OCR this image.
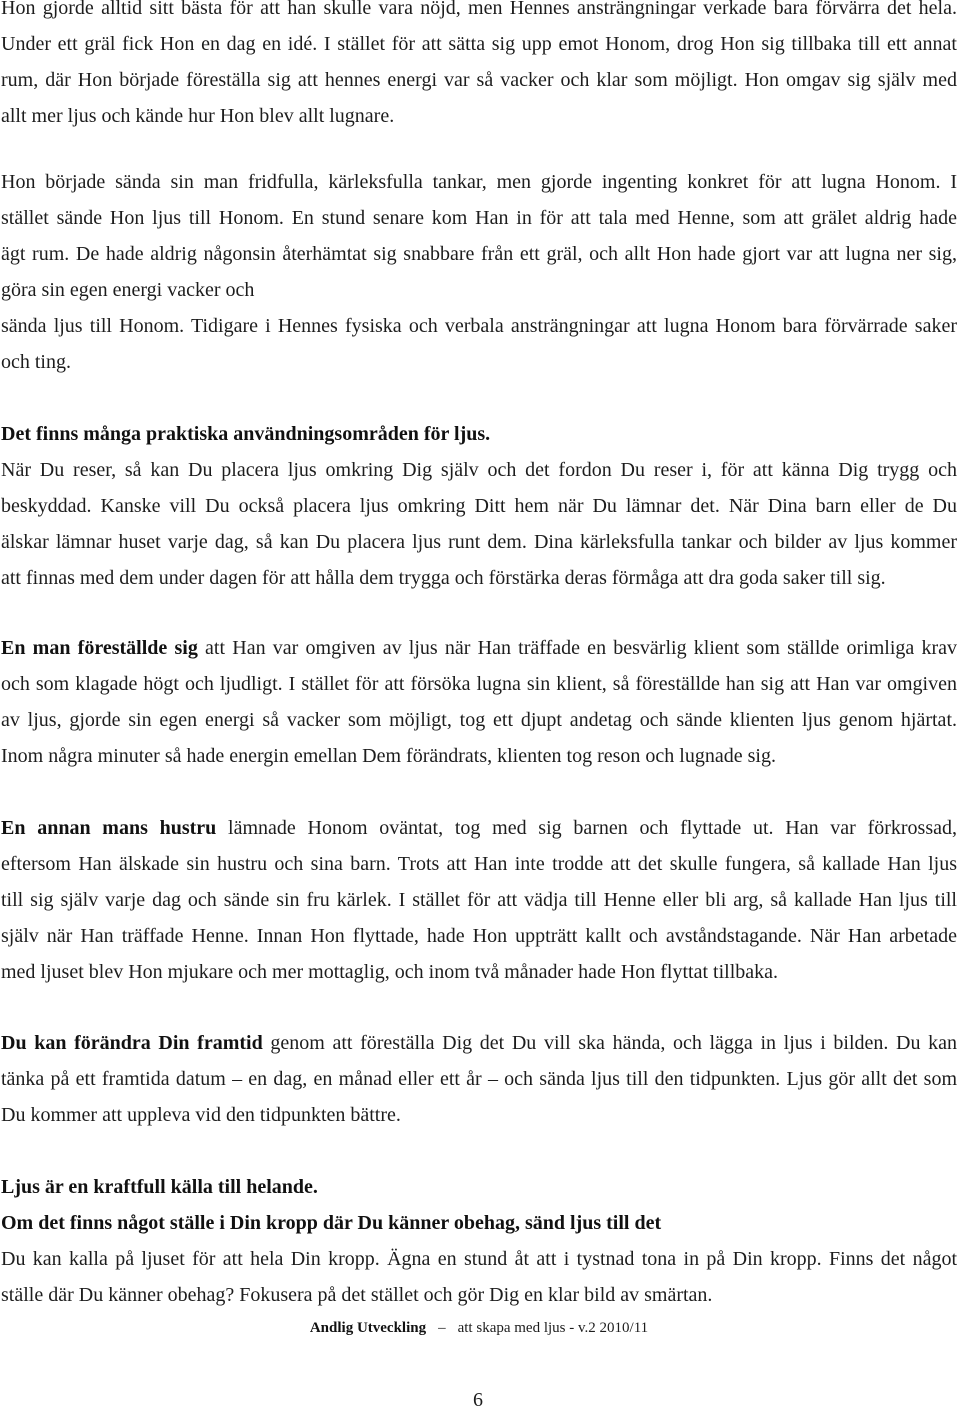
Hon gjorde alltid sitt bästa för att han skulle vara nöjd, men Hennes ansträngningar verkade bara förvärra det hela.
Under ett gräl fick Hon en dag en idé. I stället för att sätta sig upp emot Honom, drog Hon sig tillbaka till ett annat
rum, där Hon började föreställa sig att hennes energi var så vacker och klar som möjligt. Hon omgav sig själv med
allt mer ljus och kände hur Hon blev allt lugnare.
Hon började sända sin man fridfulla, kärleksfulla tankar, men gjorde ingenting konkret för att lugna Honom. I
stället sände Hon ljus till Honom. En stund senare kom Han in för att tala med Henne, som att grälet aldrig hade
ägt rum. De hade aldrig någonsin återhämtat sig snabbare från ett gräl, och allt Hon hade gjort var att lugna ner sig,
göra sin egen energi vacker och
sända ljus till Honom. Tidigare i Hennes fysiska och verbala ansträngningar att lugna Honom bara förvärrade saker
och ting.
Det finns många praktiska användningsområden för ljus.
När Du reser, så kan Du placera ljus omkring Dig själv och det fordon Du reser i, för att känna Dig trygg och
beskyddad. Kanske vill Du också placera ljus omkring Ditt hem när Du lämnar det. När Dina barn eller de Du
älskar lämnar huset varje dag, så kan Du placera ljus runt dem. Dina kärleksfulla tankar och bilder av ljus kommer
att finnas med dem under dagen för att hålla dem trygga och förstärka deras förmåga att dra goda saker till sig.
En man föreställde sig att Han var omgiven av ljus när Han träffade en besvärlig klient som ställde orimliga krav
och som klagade högt och ljudligt. I stället för att försöka lugna sin klient, så föreställde han sig att Han var omgiven
av ljus, gjorde sin egen energi så vacker som möjligt, tog ett djupt andetag och sände klienten ljus genom hjärtat.
Inom några minuter så hade energin emellan Dem förändrats, klienten tog reson och lugnade sig.
En annan mans hustru lämnade Honom oväntat, tog med sig barnen och flyttade ut. Han var förkrossad,
eftersom Han älskade sin hustru och sina barn. Trots att Han inte trodde att det skulle fungera, så kallade Han ljus
till sig själv varje dag och sände sin fru kärlek. I stället för att vädja till Henne eller bli arg, så kallade Han ljus till
själv när Han träffade Henne. Innan Hon flyttade, hade Hon uppträtt kallt och avståndstagande. När Han arbetade
med ljuset blev Hon mjukare och mer mottaglig, och inom två månader hade Hon flyttat tillbaka.
Du kan förändra Din framtid genom att föreställa Dig det Du vill ska hända, och lägga in ljus i bilden. Du kan
tänka på ett framtida datum – en dag, en månad eller ett år – och sända ljus till den tidpunkten. Ljus gör allt det som
Du kommer att uppleva vid den tidpunkten bättre.
Ljus är en kraftfull källa till helande.
Om det finns något ställe i Din kropp där Du känner obehag, sänd ljus till det
Du kan kalla på ljuset för att hela Din kropp. Ägna en stund åt att i tystnad tona in på Din kropp. Finns det något
ställe där Du känner obehag? Fokusera på det stället och gör Dig en klar bild av smärtan.
Andlig Utveckling – att skapa med ljus - v.2 2010/11
6
